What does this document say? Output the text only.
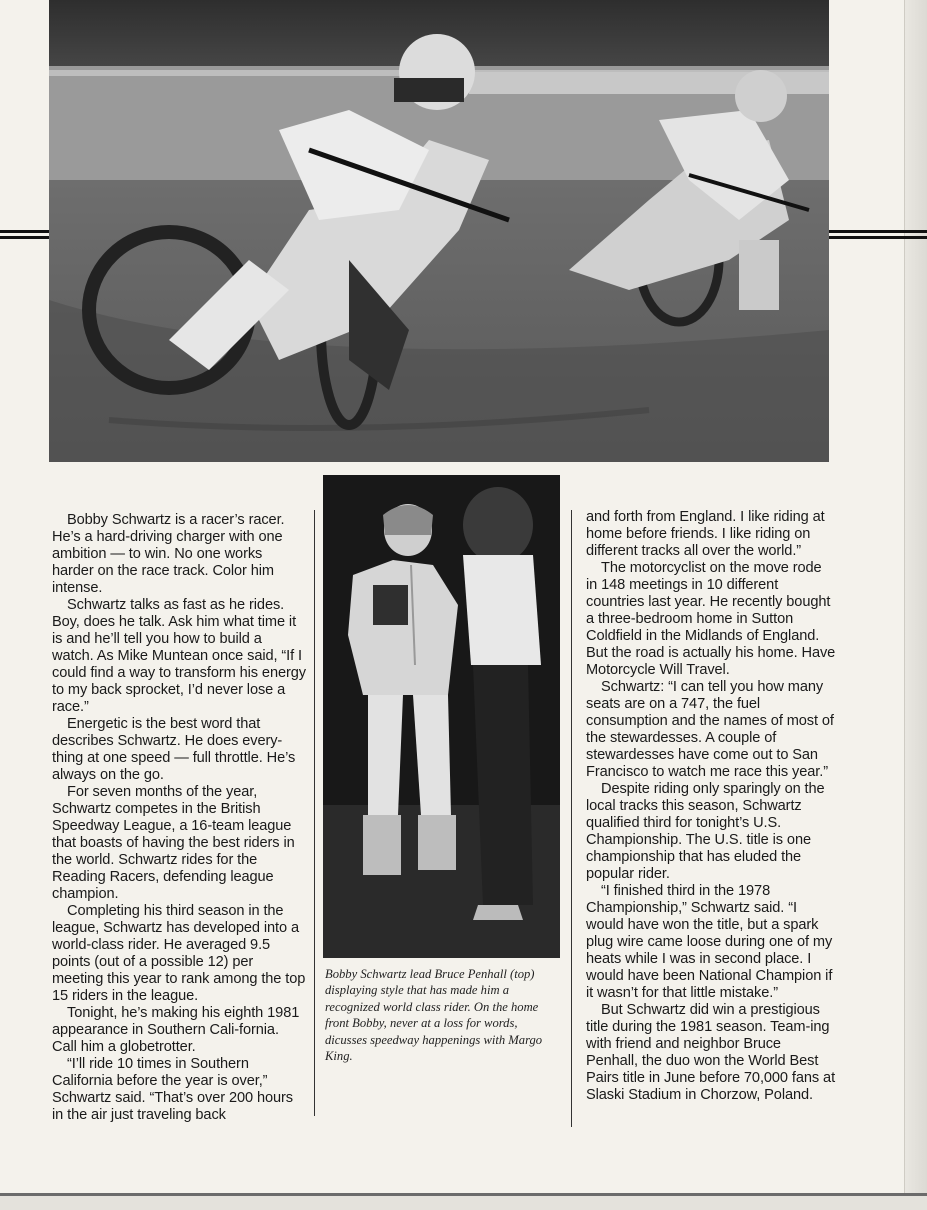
Bobby Schwartz is a racer’s racer. He’s a hard-driving charger with one ambition — to win. No one works harder on the race track. Color him intense.

Schwartz talks as fast as he rides. Boy, does he talk. Ask him what time it is and he’ll tell you how to build a watch. As Mike Muntean once said, “If I could find a way to transform his energy to my back sprocket, I’d never lose a race.”

Energetic is the best word that describes Schwartz. He does every-thing at one speed — full throttle. He’s always on the go.

For seven months of the year, Schwartz competes in the British Speedway League, a 16-team league that boasts of having the best riders in the world. Schwartz rides for the Reading Racers, defending league champion.

Completing his third season in the league, Schwartz has developed into a world-class rider. He averaged 9.5 points (out of a possible 12) per meeting this year to rank among the top 15 riders in the league.

Tonight, he’s making his eighth 1981 appearance in Southern Cali-fornia. Call him a globetrotter.

“I’ll ride 10 times in Southern California before the year is over,” Schwartz said. “That’s over 200 hours in the air just traveling back

Bobby Schwartz lead Bruce Penhall (top) displaying style that has made him a recognized world class rider. On the home front Bobby, never at a loss for words, dicusses speedway happenings with Margo King.

and forth from England. I like riding at home before friends. I like riding on different tracks all over the world.”

The motorcyclist on the move rode in 148 meetings in 10 different countries last year. He recently bought a three-bedroom home in Sutton Coldfield in the Midlands of England. But the road is actually his home. Have Motorcycle Will Travel.

Schwartz: “I can tell you how many seats are on a 747, the fuel consumption and the names of most of the stewardesses. A couple of stewardesses have come out to San Francisco to watch me race this year.”

Despite riding only sparingly on the local tracks this season, Schwartz qualified third for tonight’s U.S. Championship. The U.S. title is one championship that has eluded the popular rider.

“I finished third in the 1978 Championship,” Schwartz said. “I would have won the title, but a spark plug wire came loose during one of my heats while I was in second place. I would have been National Champion if it wasn’t for that little mistake.”

But Schwartz did win a prestigious title during the 1981 season. Team-ing with friend and neighbor Bruce Penhall, the duo won the World Best Pairs title in June before 70,000 fans at Slaski Stadium in Chorzow, Poland.
